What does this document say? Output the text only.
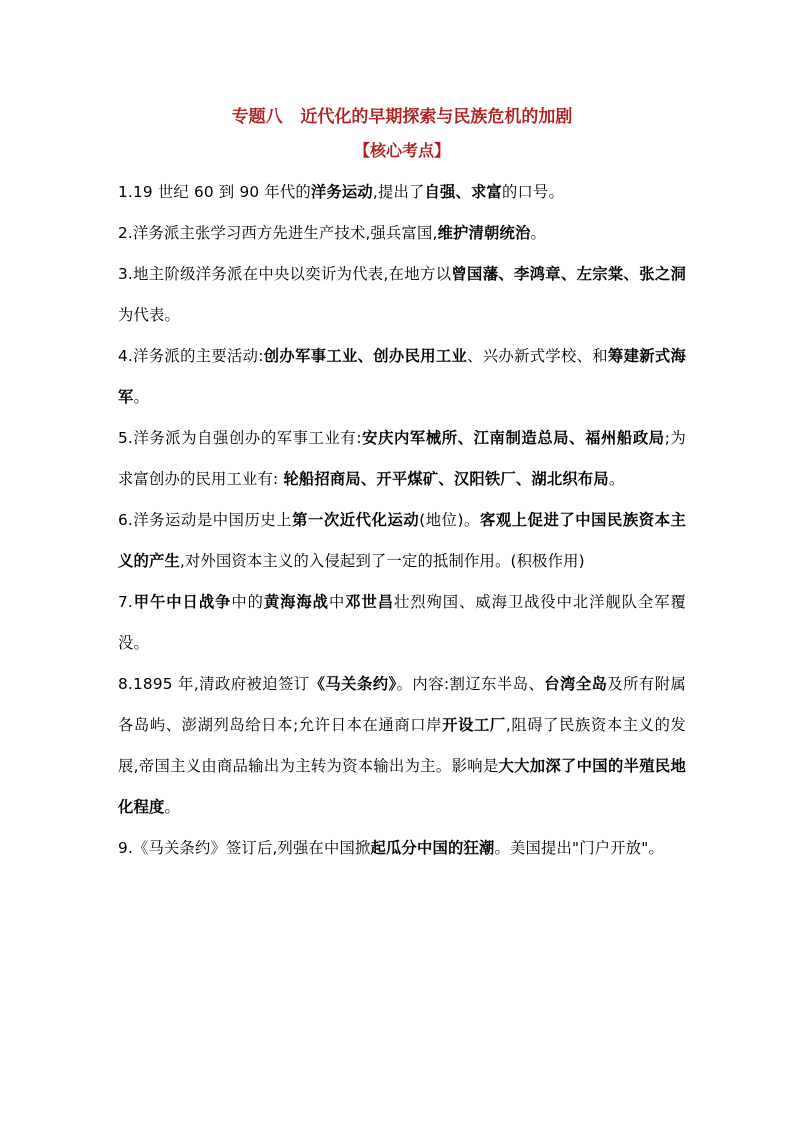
专题八   近代化的早期探索与民族危机的加剧
【核心考点】
1.19 世纪 60 到 90 年代的洋务运动,提出了自强、求富的口号。
2.洋务派主张学习西方先进生产技术,强兵富国,维护清朝统治。
3.地主阶级洋务派在中央以奕䜣为代表,在地方以曾国藩、李鸿章、左宗棠、张之洞为代表。
4.洋务派的主要活动:创办军事工业、创办民用工业、兴办新式学校、和筹建新式海军。
5.洋务派为自强创办的军事工业有:安庆内军械所、江南制造总局、福州船政局;为求富创办的民用工业有: 轮船招商局、开平煤矿、汉阳铁厂、湖北织布局。
6.洋务运动是中国历史上第一次近代化运动(地位)。客观上促进了中国民族资本主义的产生,对外国资本主义的入侵起到了一定的抵制作用。(积极作用)
7.甲午中日战争中的黄海海战中邓世昌壮烈殉国、威海卫战役中北洋舰队全军覆没。
8.1895 年,清政府被迫签订《马关条约》。内容:割辽东半岛、台湾全岛及所有附属各岛屿、澎湖列岛给日本;允许日本在通商口岸开设工厂,阻碍了民族资本主义的发展,帝国主义由商品输出为主转为资本输出为主。影响是大大加深了中国的半殖民地化程度。
9.《马关条约》签订后,列强在中国掀起瓜分中国的狂潮。美国提出"门户开放"。
